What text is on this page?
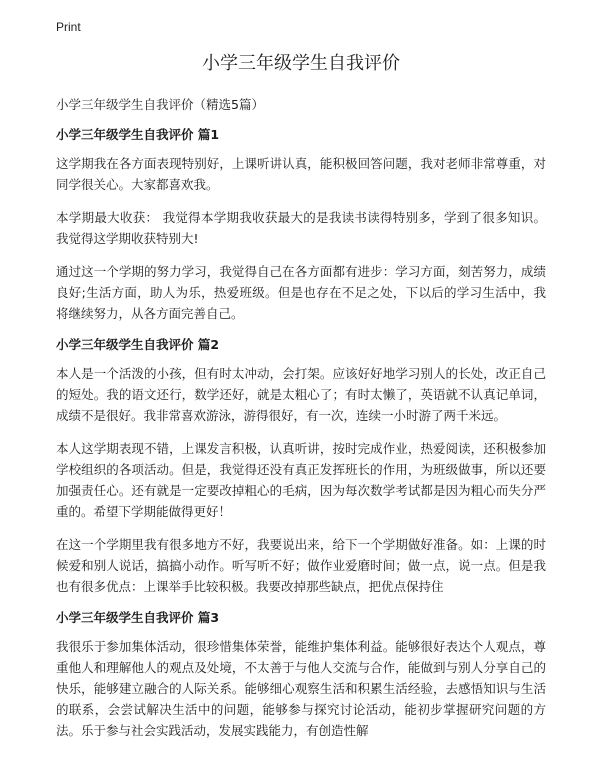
Print
小学三年级学生自我评价

小学三年级学生自我评价（精选5篇）

小学三年级学生自我评价 篇1

这学期我在各方面表现特别好，上课听讲认真，能积极回答问题，我对老师非常尊重，对同学很关心。大家都喜欢我。

本学期最大收获： 我觉得本学期我收获最大的是我读书读得特别多，学到了很多知识。 我觉得这学期收获特别大!

通过这一个学期的努力学习，我觉得自己在各方面都有进步：学习方面，刻苦努力，成绩良好;生活方面，助人为乐，热爱班级。但是也存在不足之处，下以后的学习生活中，我将继续努力，从各方面完善自己。

小学三年级学生自我评价 篇2

本人是一个活泼的小孩，但有时太冲动，会打架。应该好好地学习别人的长处，改正自己的短处。我的语文还行，数学还好，就是太粗心了；有时太懒了，英语就不认真记单词，成绩不是很好。我非常喜欢游泳，游得很好，有一次，连续一小时游了两千米远。

本人这学期表现不错，上课发言积极，认真听讲，按时完成作业，热爱阅读，还积极参加学校组织的各项活动。但是，我觉得还没有真正发挥班长的作用，为班级做事，所以还要加强责任心。还有就是一定要改掉粗心的毛病，因为每次数学考试都是因为粗心而失分严重的。希望下学期能做得更好！

在这一个学期里我有很多地方不好，我要说出来，给下一个学期做好准备。如：上课的时候爱和别人说话，搞搞小动作。听写听不好；做作业爱磨时间；做一点，说一点。但是我也有很多优点：上课举手比较积极。我要改掉那些缺点，把优点保持住

小学三年级学生自我评价 篇3

我很乐于参加集体活动，很珍惜集体荣誉，能维护集体利益。能够很好表达个人观点，尊重他人和理解他人的观点及处境，不太善于与他人交流与合作，能做到与别人分享自己的快乐，能够建立融合的人际关系。能够细心观察生活和积累生活经验，去感悟知识与生活的联系，会尝试解决生活中的问题，能够参与探究讨论活动，能初步掌握研究问题的方法。乐于参与社会实践活动，发展实践能力，有创造性解
